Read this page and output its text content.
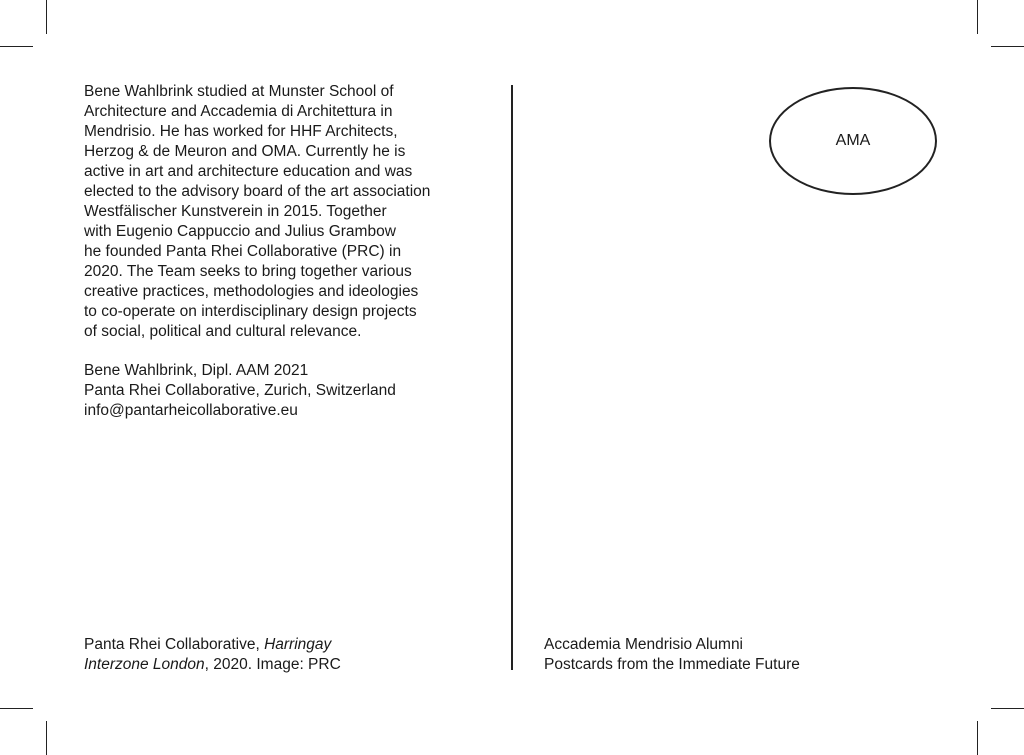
Bene Wahlbrink studied at Munster School of
Architecture and Accademia di Architettura in
Mendrisio. He has worked for HHF Architects,
Herzog & de Meuron and OMA. Currently he is
active in art and architecture education and was
elected to the advisory board of the art association
Westfälischer Kunstverein in 2015. Together
with Eugenio Cappuccio and Julius Grambow
he founded Panta Rhei Collaborative (PRC) in
2020. The Team seeks to bring together various
creative practices, methodologies and ideologies
to co-operate on interdisciplinary design projects
of social, political and cultural relevance.

Bene Wahlbrink, Dipl. AAM 2021
Panta Rhei Collaborative, Zurich, Switzerland
info@pantarheicollaborative.eu
Panta Rhei Collaborative, Harringay
Interzone London, 2020. Image: PRC
AMA
Accademia Mendrisio Alumni
Postcards from the Immediate Future
